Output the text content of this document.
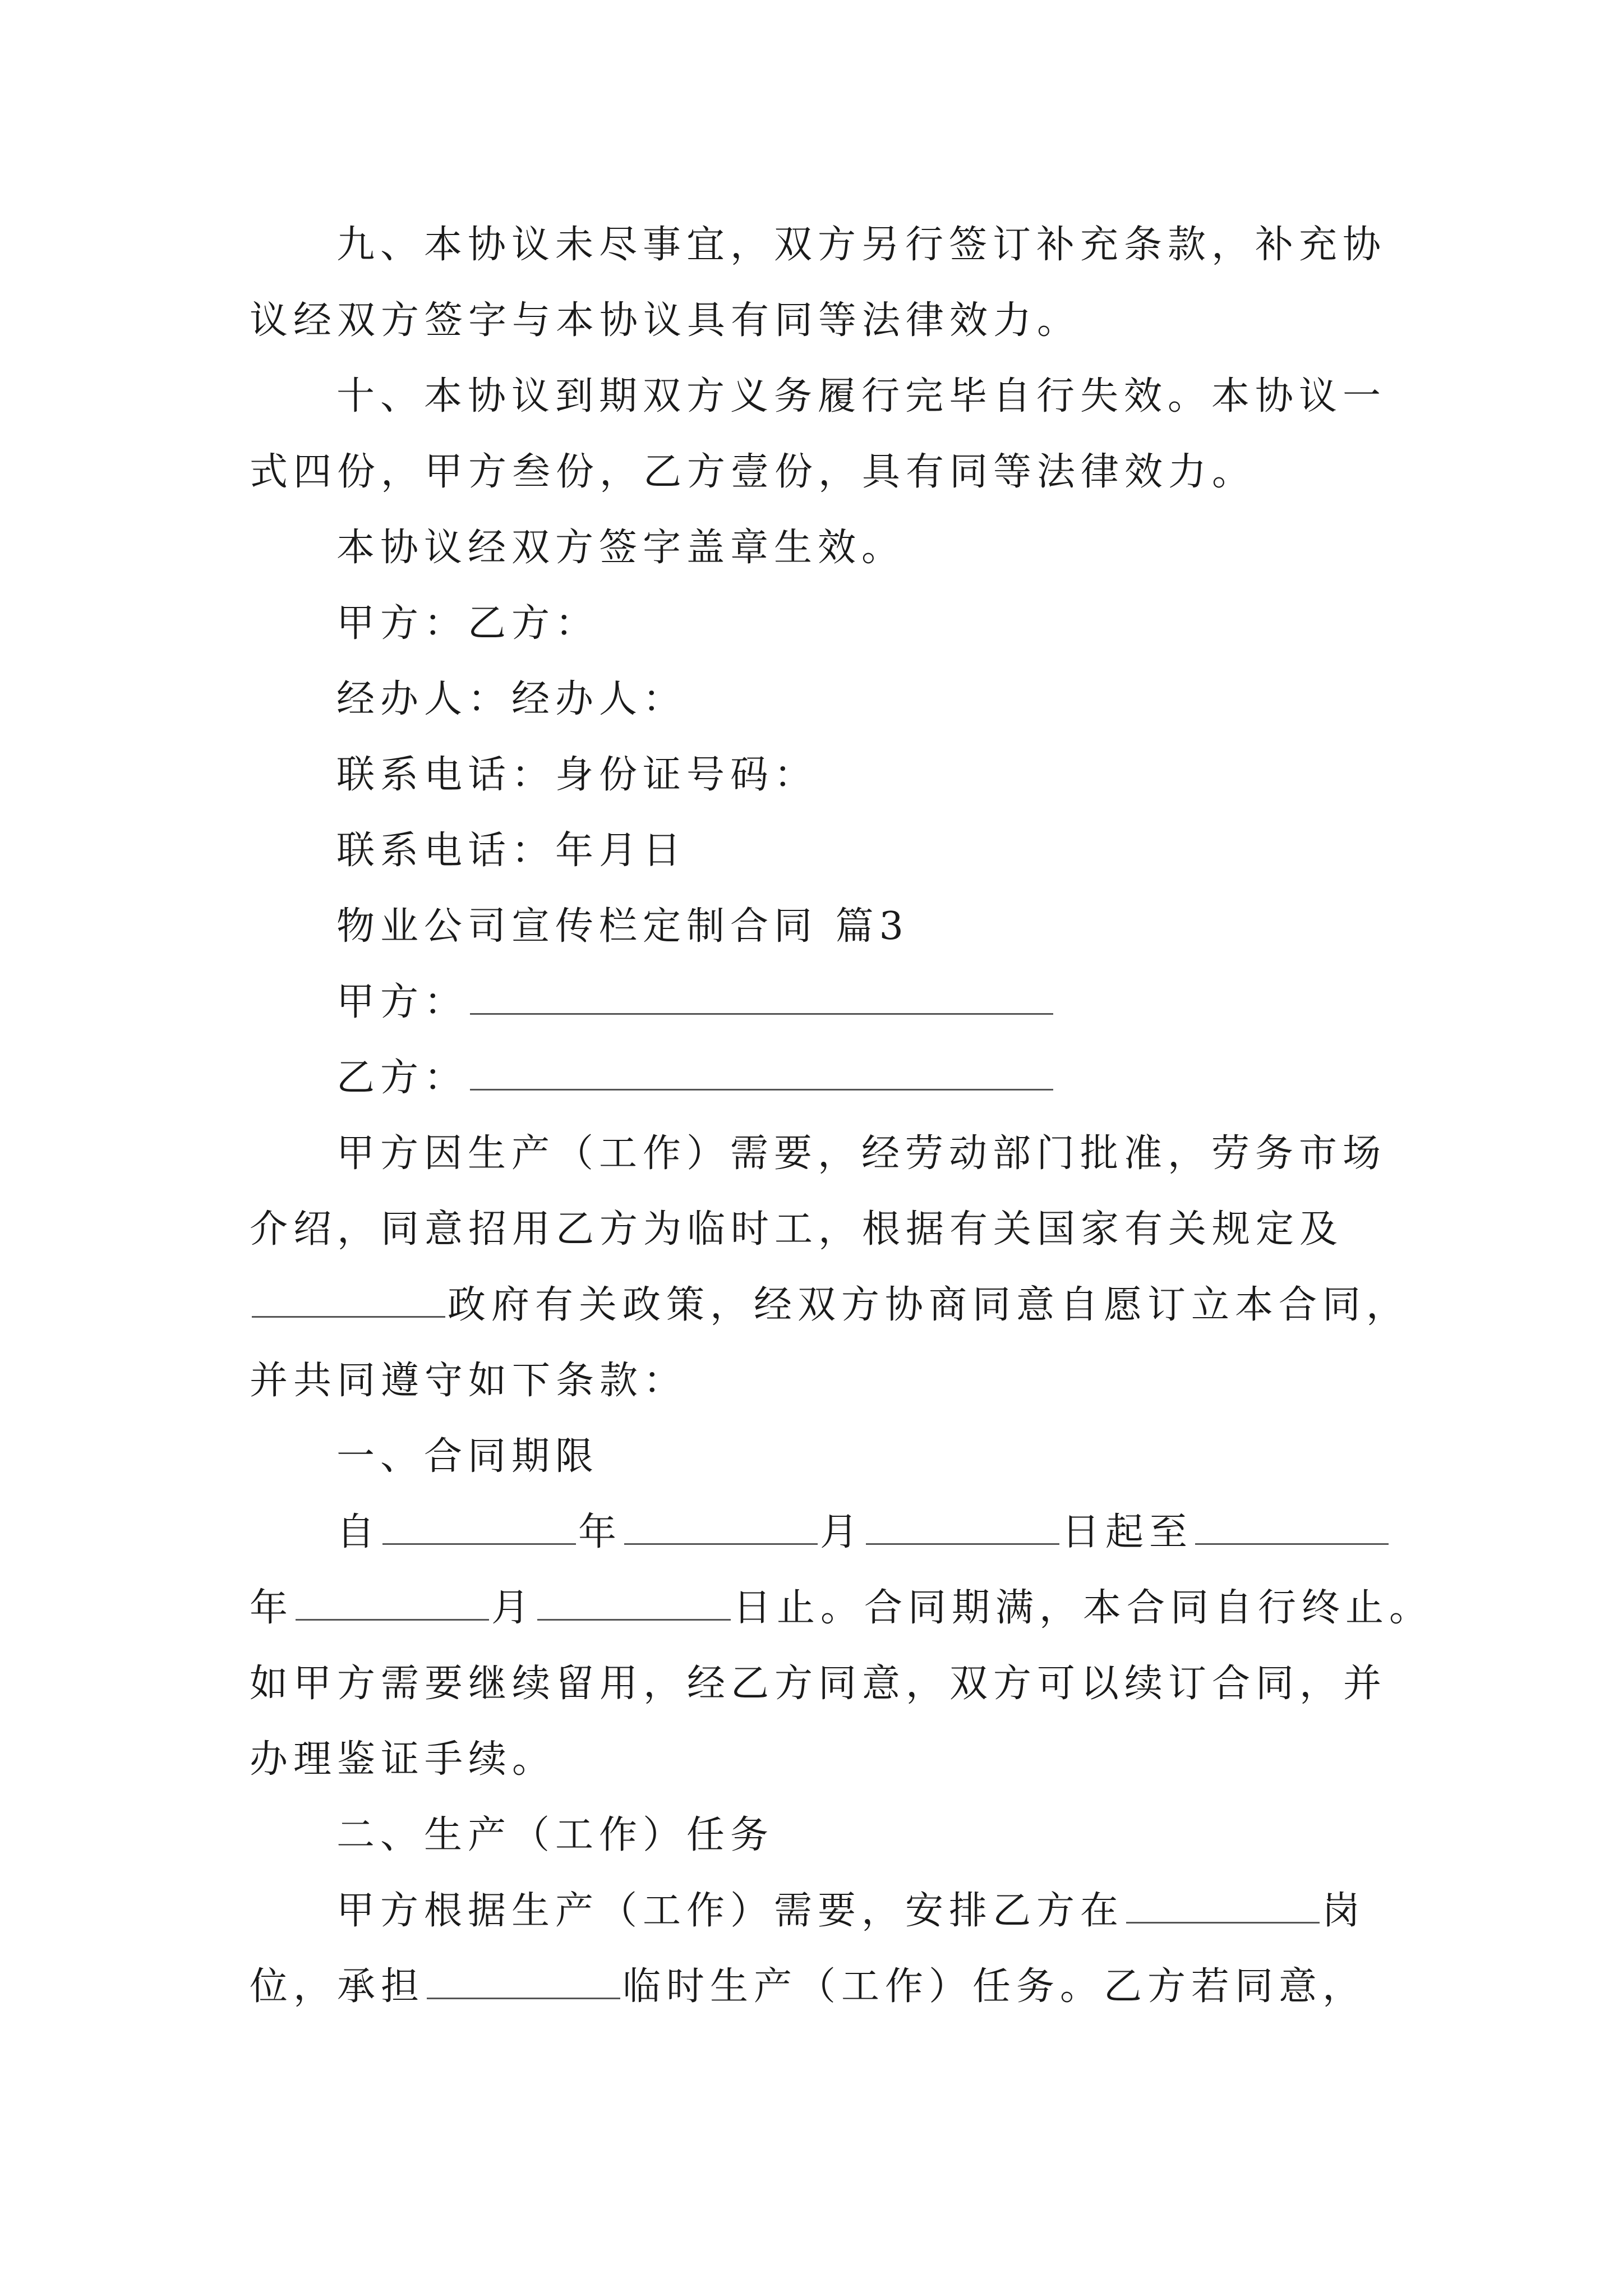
九、本协议未尽事宜，双方另行签订补充条款，补充协
议经双方签字与本协议具有同等法律效力。
十、本协议到期双方义务履行完毕自行失效。本协议一
式四份，甲方叁份，乙方壹份，具有同等法律效力。
本协议经双方签字盖章生效。
甲方：乙方：
经办人：经办人：
联系电话：身份证号码：
联系电话：年月日
物业公司宣传栏定制合同 篇3
甲方：
乙方：
甲方因生产（工作）需要，经劳动部门批准，劳务市场
介绍，同意招用乙方为临时工，根据有关国家有关规定及
政府有关政策，经双方协商同意自愿订立本合同，
并共同遵守如下条款：
一、合同期限
自	年	月	日起至
年	月	日止。合同期满，本合同自行终止。
如甲方需要继续留用，经乙方同意，双方可以续订合同，并
办理鉴证手续。
二、生产（工作）任务
甲方根据生产（工作）需要，安排乙方在	岗
位，承担	临时生产（工作）任务。乙方若同意，
